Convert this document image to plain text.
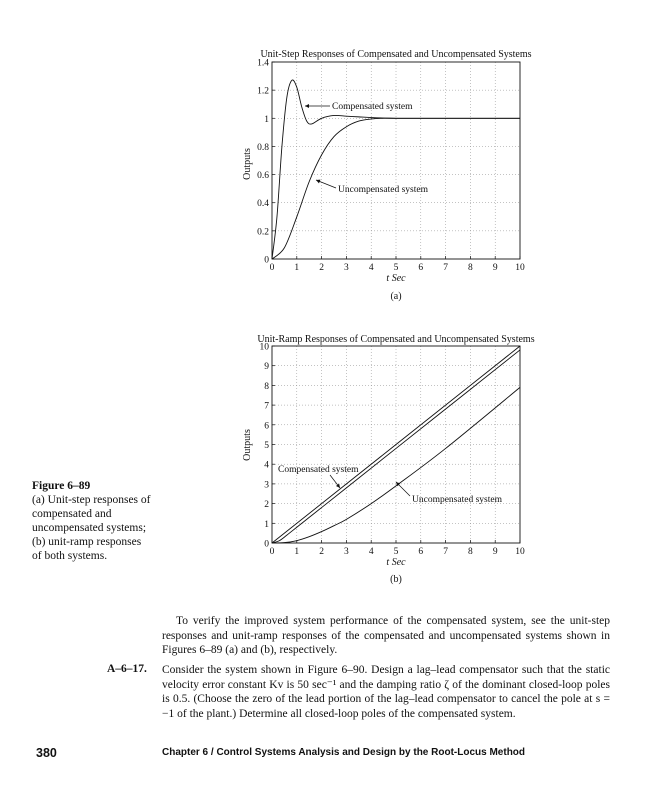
Unit-Step Responses of Compensated and Uncompensated Systems
Outputs
t Sec
(a)
0 1 2 3 4 5 6 7 8 9 10
0
0.2
0.4
0.6
0.8
1
1.2
1.4
Compensated system
Uncompensated system
Unit-Ramp Responses of Compensated and Uncompensated Systems
Outputs
t Sec
(b)
0 1 2 3 4 5 6 7 8 9 10
0
1
2
3
4
5
6
7
8
9
10
Compensated system
Uncompensated system
Figure 6–89
(a) Unit-step responses of compensated and uncompensated systems; (b) unit-ramp responses of both systems.

To verify the improved system performance of the compensated system, see the unit-step responses and unit-ramp responses of the compensated and uncompensated systems shown in Figures 6–89 (a) and (b), respectively.

A–6–17. Consider the system shown in Figure 6–90. Design a lag–lead compensator such that the static velocity error constant Kv is 50 sec⁻¹ and the damping ratio ζ of the dominant closed-loop poles is 0.5. (Choose the zero of the lead portion of the lag–lead compensator to cancel the pole at s = −1 of the plant.) Determine all closed-loop poles of the compensated system.

380	Chapter 6 / Control Systems Analysis and Design by the Root-Locus Method
